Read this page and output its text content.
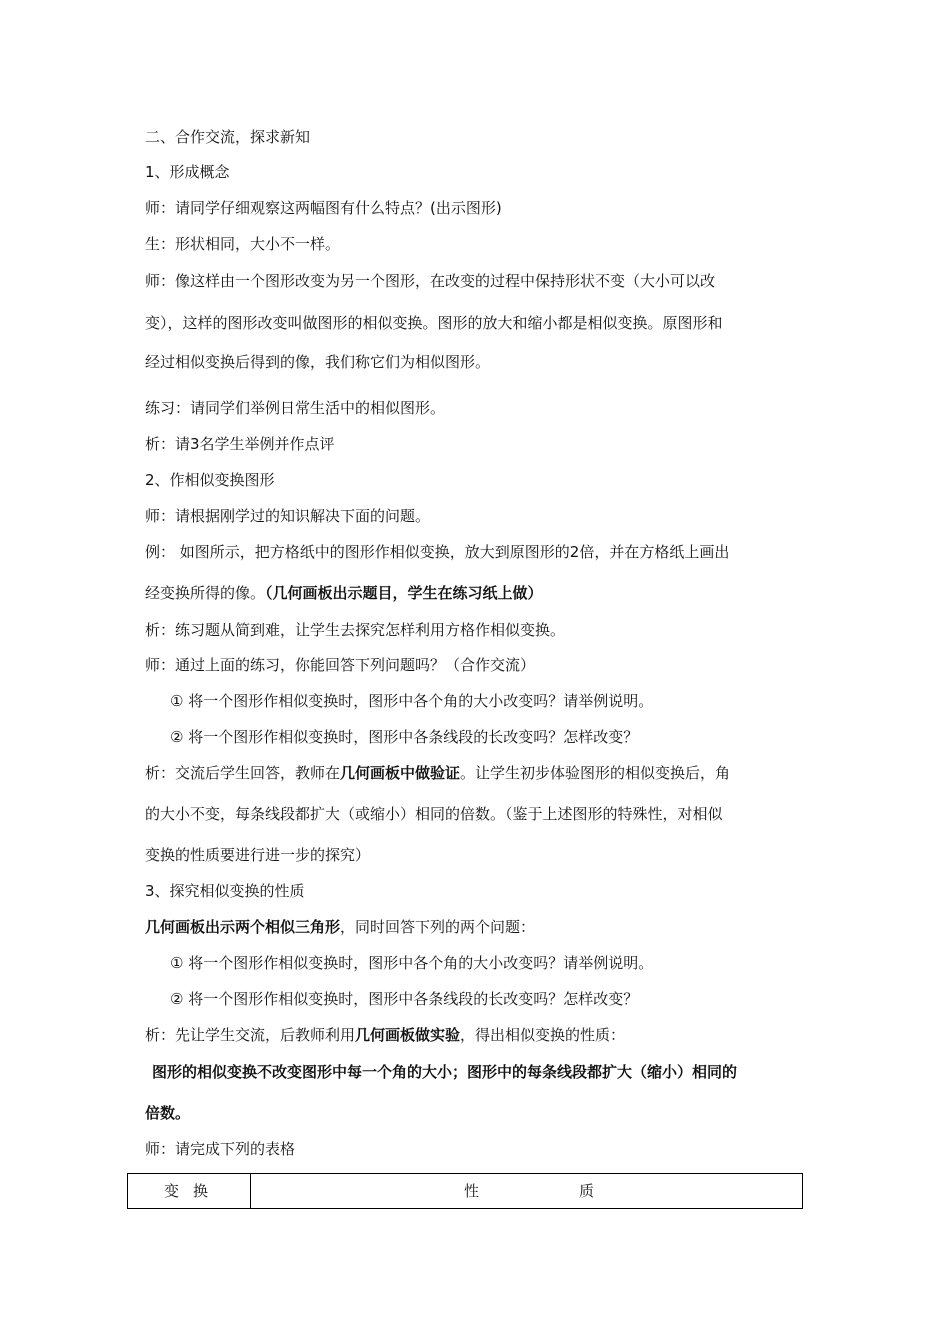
二、合作交流，探求新知
1、形成概念
师：请同学仔细观察这两幅图有什么特点？(出示图形)
生：形状相同，大小不一样。
师：像这样由一个图形改变为另一个图形，在改变的过程中保持形状不变（大小可以改
变），这样的图形改变叫做图形的相似变换。图形的放大和缩小都是相似变换。原图形和
经过相似变换后得到的像，我们称它们为相似图形。
练习：请同学们举例日常生活中的相似图形。
析：请3名学生举例并作点评
2、作相似变换图形
师：请根据刚学过的知识解决下面的问题。
例： 如图所示，把方格纸中的图形作相似变换，放大到原图形的2倍，并在方格纸上画出
经变换所得的像。（几何画板出示题目，学生在练习纸上做）
析：练习题从简到难，让学生去探究怎样利用方格作相似变换。
师：通过上面的练习，你能回答下列问题吗？（合作交流）
① 将一个图形作相似变换时，图形中各个角的大小改变吗？请举例说明。
② 将一个图形作相似变换时，图形中各条线段的长改变吗？怎样改变？
析：交流后学生回答，教师在几何画板中做验证。让学生初步体验图形的相似变换后，角
的大小不变，每条线段都扩大（或缩小）相同的倍数。（鉴于上述图形的特殊性，对相似
变换的性质要进行进一步的探究）
3、探究相似变换的性质
几何画板出示两个相似三角形，同时回答下列的两个问题：
① 将一个图形作相似变换时，图形中各个角的大小改变吗？请举例说明。
② 将一个图形作相似变换时，图形中各条线段的长改变吗？怎样改变？
析：先让学生交流，后教师利用几何画板做实验，得出相似变换的性质：
图形的相似变换不改变图形中每一个角的大小；图形中的每条线段都扩大（缩小）相同的
倍数。
师：请完成下列的表格
变换	性	质
